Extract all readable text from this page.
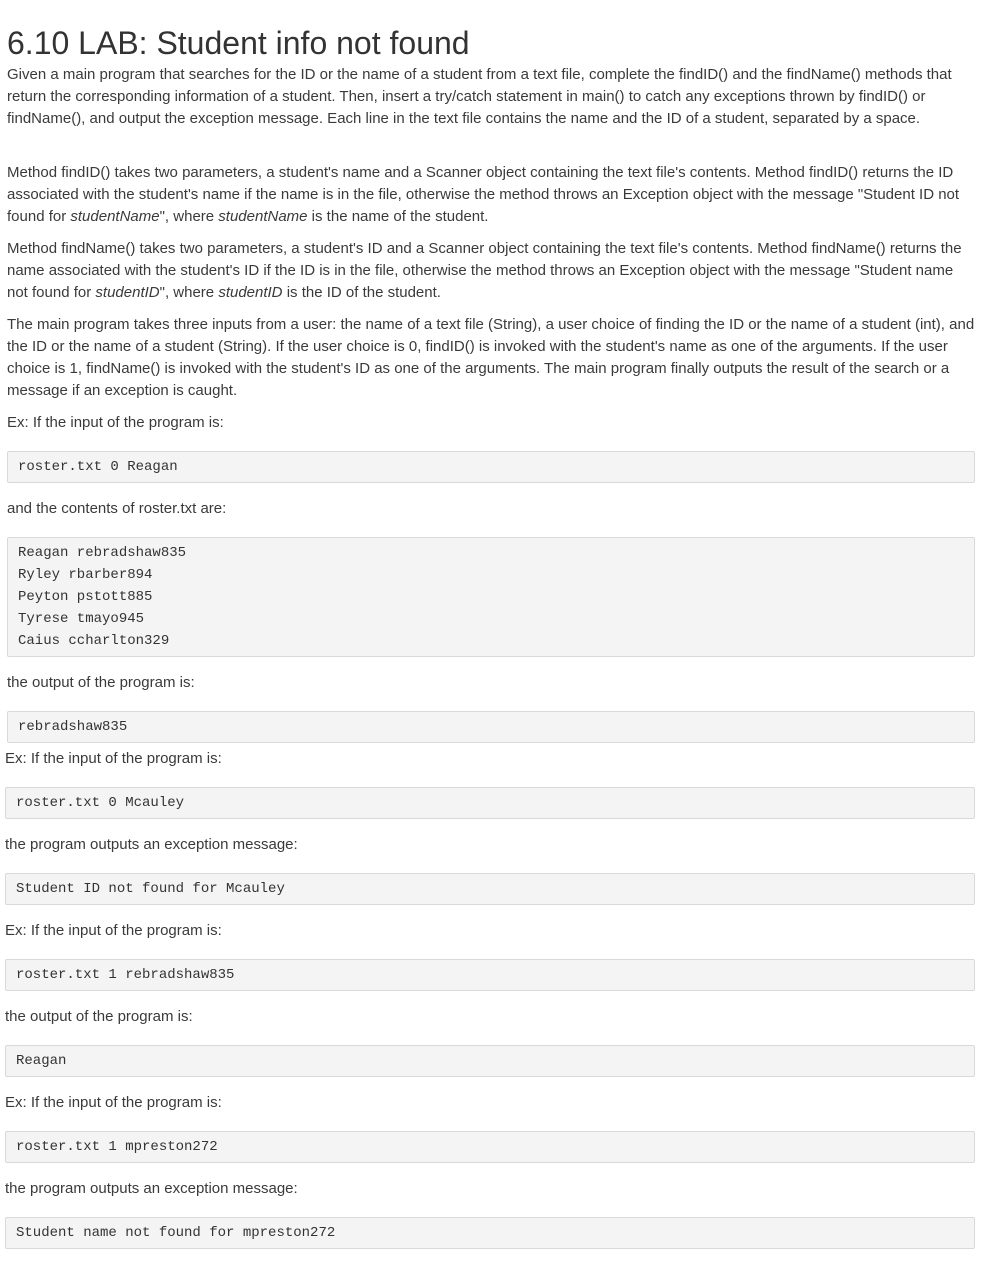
6.10 LAB: Student info not found

Given a main program that searches for the ID or the name of a student from a text file, complete the findID() and the findName() methods that return the corresponding information of a student. Then, insert a try/catch statement in main() to catch any exceptions thrown by findID() or findName(), and output the exception message. Each line in the text file contains the name and the ID of a student, separated by a space.

Method findID() takes two parameters, a student's name and a Scanner object containing the text file's contents. Method findID() returns the ID associated with the student's name if the name is in the file, otherwise the method throws an Exception object with the message "Student ID not found for studentName", where studentName is the name of the student.

Method findName() takes two parameters, a student's ID and a Scanner object containing the text file's contents. Method findName() returns the name associated with the student's ID if the ID is in the file, otherwise the method throws an Exception object with the message "Student name not found for studentID", where studentID is the ID of the student.

The main program takes three inputs from a user: the name of a text file (String), a user choice of finding the ID or the name of a student (int), and the ID or the name of a student (String). If the user choice is 0, findID() is invoked with the student's name as one of the arguments. If the user choice is 1, findName() is invoked with the student's ID as one of the arguments. The main program finally outputs the result of the search or a message if an exception is caught.

Ex: If the input of the program is:

roster.txt 0 Reagan

and the contents of roster.txt are:

Reagan rebradshaw835
Ryley rbarber894
Peyton pstott885
Tyrese tmayo945
Caius ccharlton329

the output of the program is:

rebradshaw835

Ex: If the input of the program is:

roster.txt 0 Mcauley

the program outputs an exception message:

Student ID not found for Mcauley

Ex: If the input of the program is:

roster.txt 1 rebradshaw835

the output of the program is:

Reagan

Ex: If the input of the program is:

roster.txt 1 mpreston272

the program outputs an exception message:

Student name not found for mpreston272
